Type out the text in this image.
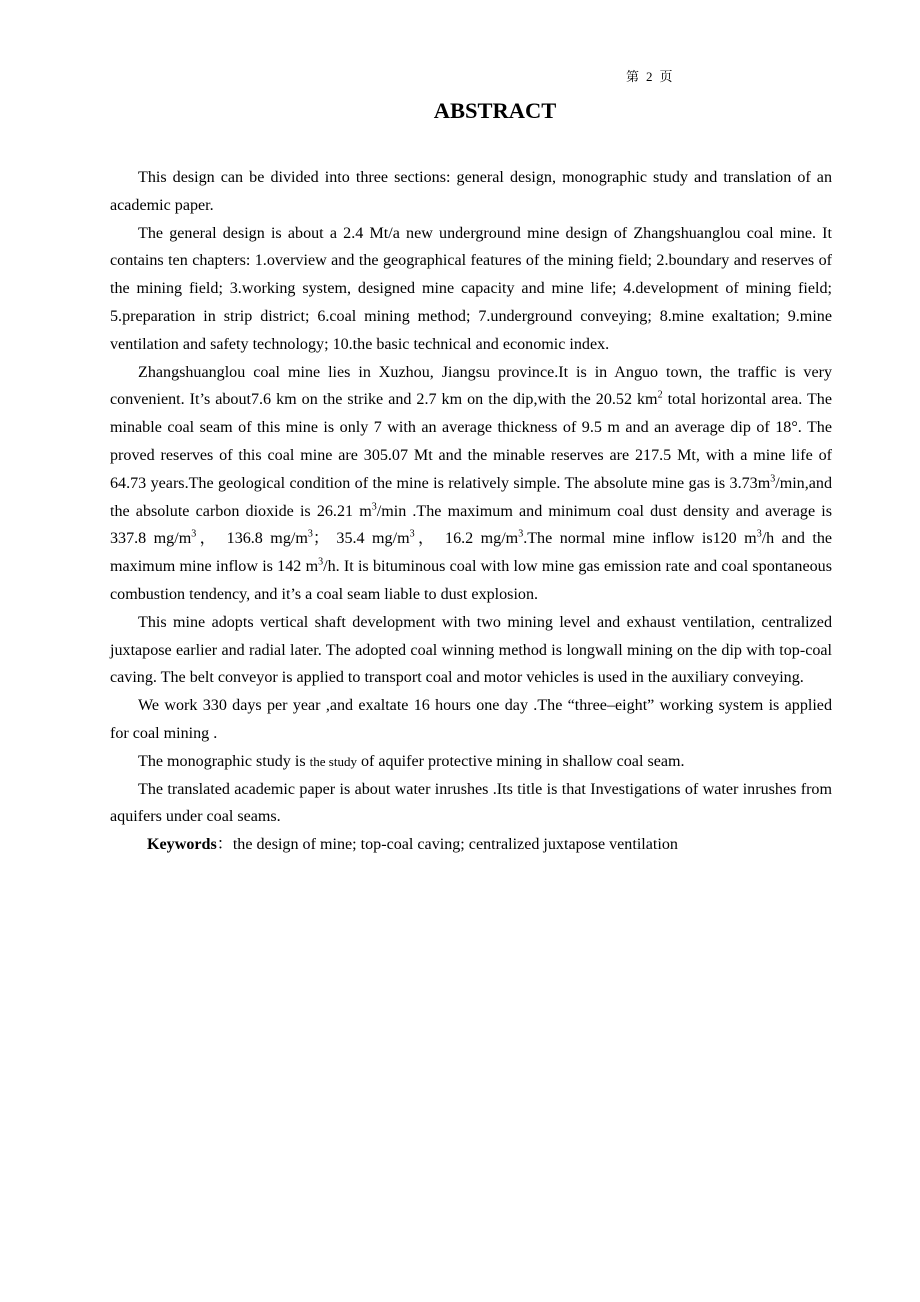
第 2 页
ABSTRACT

This design can be divided into three sections: general design, monographic study and translation of an academic paper.

The general design is about a 2.4 Mt/a new underground mine design of Zhangshuanglou coal mine. It contains ten chapters: 1.overview and the geographical features of the mining field; 2.boundary and reserves of the mining field; 3.working system, designed mine capacity and mine life; 4.development of mining field; 5.preparation in strip district; 6.coal mining method; 7.underground conveying; 8.mine exaltation; 9.mine ventilation and safety technology; 10.the basic technical and economic index.

Zhangshuanglou coal mine lies in Xuzhou, Jiangsu province.It is in Anguo town, the traffic is very convenient. It’s about7.6 km on the strike and 2.7 km on the dip,with the 20.52 $km^2$ total horizontal area. The minable coal seam of this mine is only 7 with an average thickness of 9.5 m and an average dip of 18°. The proved reserves of this coal mine are 305.07 Mt and the minable reserves are 217.5 Mt, with a mine life of 64.73 years.The geological condition of the mine is relatively simple. The absolute mine gas is $3.73m^3/\min,and$ the absolute carbon dioxide is 26.21 $m^3/\min$ .The maximum and minimum coal dust density and average is 337.8 $mg/m^3$， 136.8 $mg/m^3$； 35.4 $mg/m^3$， 16.2 $mg/m^3.The$ normal mine inflow is120 $m^3/h$ and the maximum mine inflow is 142 $m^3/h$. It is bituminous coal with low mine gas emission rate and coal spontaneous combustion tendency, and it’s a coal seam liable to dust explosion.

This mine adopts vertical shaft development with two mining level and exhaust ventilation, centralized juxtapose earlier and radial later. The adopted coal winning method is longwall mining on the dip with top-coal caving. The belt conveyor is applied to transport coal and motor vehicles is used in the auxiliary conveying.

We work 330 days per year ,and exaltate 16 hours one day .The “three–eight” working system is applied for coal mining .

The monographic study is the study of aquifer protective mining in shallow coal seam.

The translated academic paper is about water inrushes .Its title is that Investigations of water inrushes from aquifers under coal seams.

Keywords：the design of mine; top-coal caving; centralized juxtapose ventilation
